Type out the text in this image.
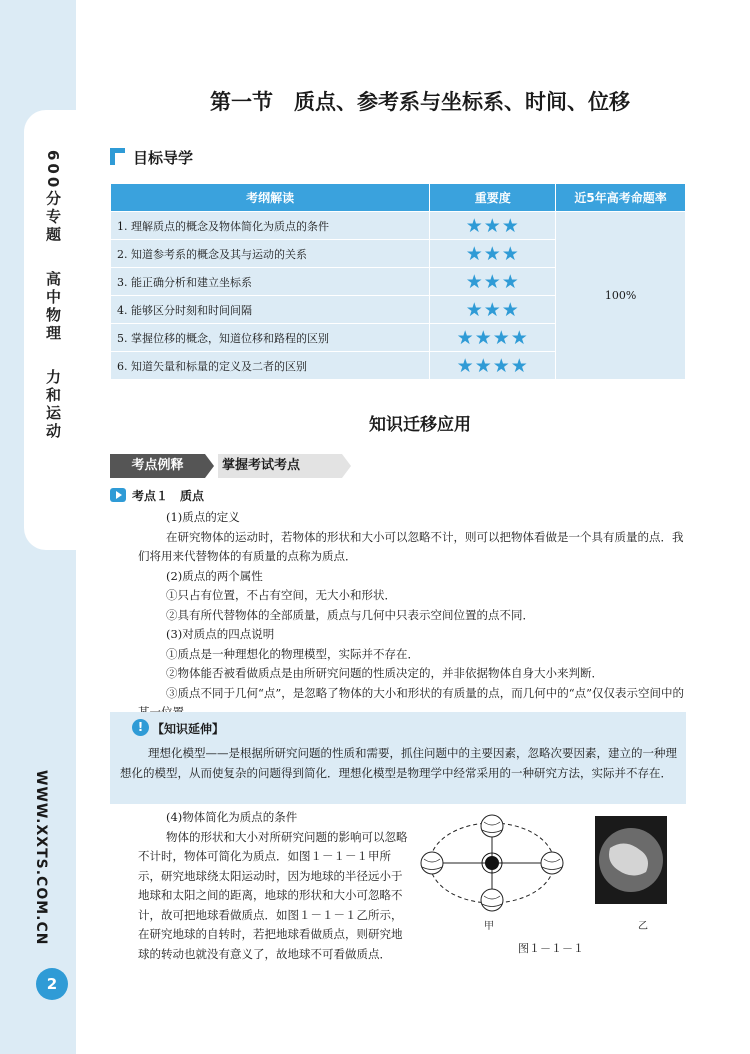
600分专题 高中物理 力和运动
WWW.XXTS.COM.CN
2
第一节　质点、参考系与坐标系、时间、位移
目标导学
考纲解读	重要度	近5年高考命题率
1. 理解质点的概念及物体简化为质点的条件	★★★	100%
2. 知道参考系的概念及其与运动的关系	★★★	
3. 能正确分析和建立坐标系	★★★	
4. 能够区分时刻和时间间隔	★★★	
5. 掌握位移的概念，知道位移和路程的区别	★★★★	
6. 知道矢量和标量的定义及二者的区别	★★★★	
知识迁移应用
考点例释	掌握考试考点
考点１　质点

(1)质点的定义

在研究物体的运动时，若物体的形状和大小可以忽略不计，则可以把物体看做是一个具有质量的点．我们将用来代替物体的有质量的点称为质点．

(2)质点的两个属性

①只占有位置，不占有空间，无大小和形状．

②具有所代替物体的全部质量，质点与几何中只表示空间位置的点不同．

(3)对质点的四点说明

①质点是一种理想化的物理模型，实际并不存在．

②物体能否被看做质点是由所研究问题的性质决定的，并非依据物体自身大小来判断．

③质点不同于几何“点”，是忽略了物体的大小和形状的有质量的点，而几何中的“点”仅仅表示空间中的

! 【知识延伸】

理想化模型——是根据所研究问题的性质和需要，抓住问题中的主要因素，忽略次要因素，建立的一种理想化的模型，从而使复杂的问题得到简化．理想化模型是物理学中经常采用的一种研究方法，实际并不存在．

(4)物体简化为质点的条件

物体的形状和大小对所研究问题的影响可以忽略不计时，物体可简化为质点．如图１－１－１甲所示，研究地球绕太阳运动时，因为地球的半径远小于地球和太阳之间的距离，地球的形状和大小可忽略不计，故可把地球看做质点．如图１－１－１乙所示，在研究地球的自转时，若把地球看做质点，则研究地球的转动也就没有意义了，故地球不可看做质点．

甲	乙
图１－１－１
